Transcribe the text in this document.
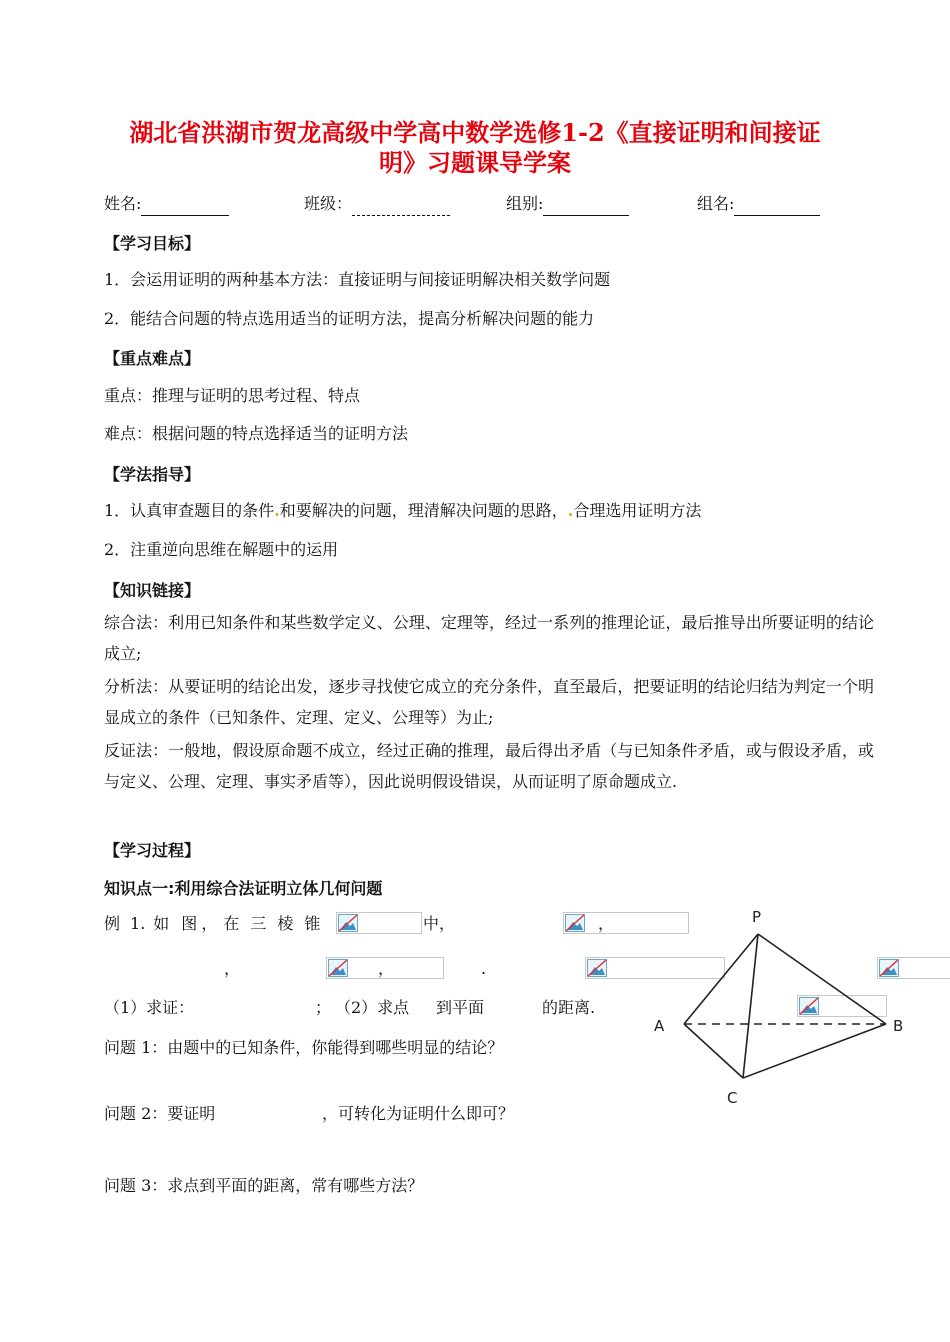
湖北省洪湖市贺龙高级中学高中数学选修1-2《直接证明和间接证
明》习题课导学案
姓名:	班级：	组别:	组名:
【学习目标】
1．会运用证明的两种基本方法：直接证明与间接证明解决相关数学问题
2．能结合问题的特点选用适当的证明方法，提高分析解决问题的能力
【重点难点】
重点：推理与证明的思考过程、特点
难点：根据问题的特点选择适当的证明方法
【学法指导】
1．认真审查题目的条件.和要解决的问题，理清解决问题的思路，.合理选用证明方法
2．注重逆向思维在解题中的运用
【知识链接】
综合法：利用已知条件和某些数学定义、公理、定理等，经过一系列的推理论证，最后推导出所要证明的结论成立;
分析法：从要证明的结论出发，逐步寻找使它成立的充分条件，直至最后，把要证明的结论归结为判定一个明显成立的条件（已知条件、定理、定义、公理等）为止;
反证法：一般地，假设原命题不成立，经过正确的推理，最后得出矛盾（与已知条件矛盾，或与假设矛盾，或与定义、公理、定理、事实矛盾等），因此说明假设错误，从而证明了原命题成立.
【学习过程】
知识点一:利用综合法证明立体几何问题
例 1. 如 图 ， 在 三 棱 锥
	中，
	，

，
	，
	.
（1）求证：
	； （2）求点
到平面
	的距离.
问题 1：由题中的已知条件，你能得到哪些明显的结论？
问题 2：要证明	，可转化为证明什么即可？
问题 3：求点到平面的距离，常有哪些方法？
P
A	B
C
